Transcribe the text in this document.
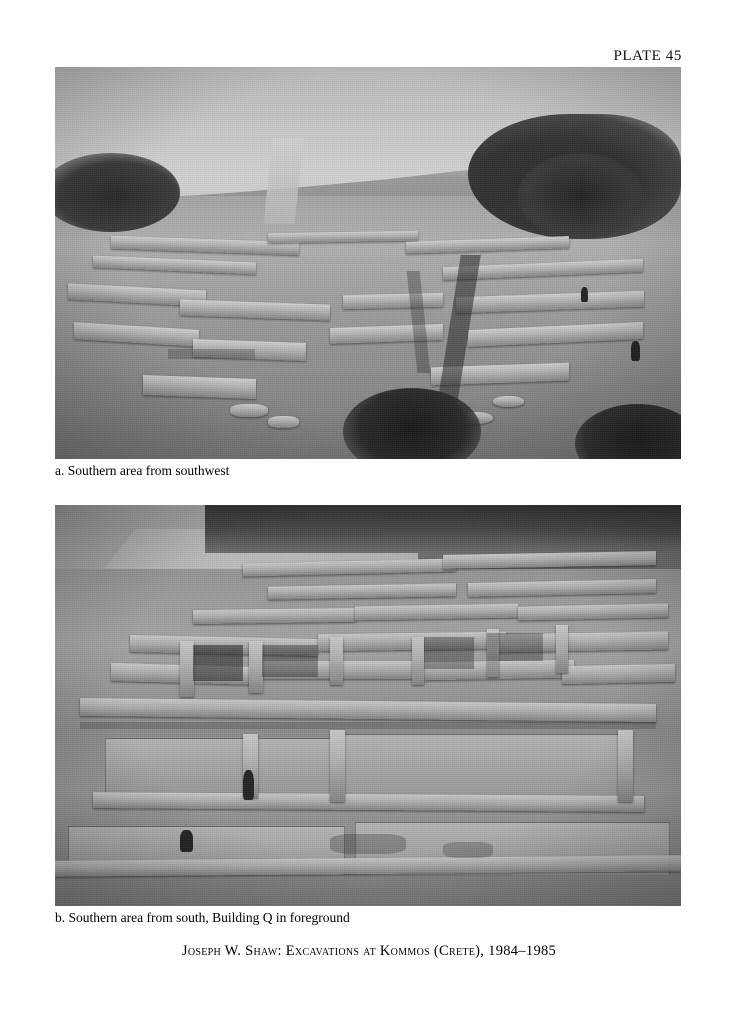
PLATE 45
a. Southern area from southwest
b. Southern area from south, Building Q in foreground
Joseph W. Shaw: Excavations at Kommos (Crete), 1984–1985
